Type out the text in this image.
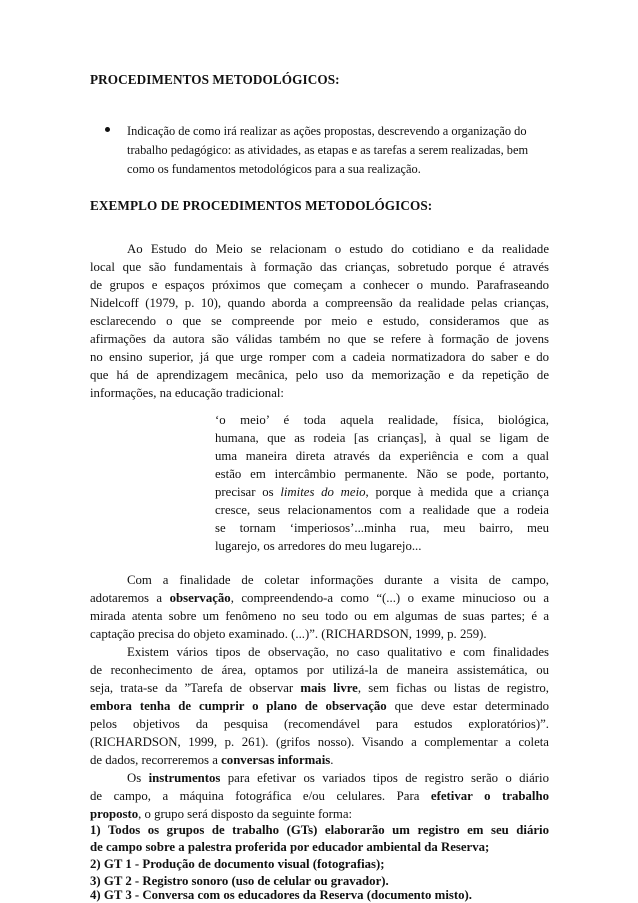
PROCEDIMENTOS METODOLÓGICOS:
Indicação de como irá realizar as ações propostas, descrevendo a organização do trabalho pedagógico: as atividades, as etapas e as tarefas a serem realizadas, bem como os fundamentos metodológicos para a sua realização.
EXEMPLO DE PROCEDIMENTOS METODOLÓGICOS:
Ao Estudo do Meio se relacionam o estudo do cotidiano e da realidade
local que são fundamentais à formação das crianças, sobretudo porque é através
de grupos e espaços próximos que começam a conhecer o mundo. Parafraseando
Nidelcoff (1979, p. 10), quando aborda a compreensão da realidade pelas crianças,
esclarecendo o que se compreende por meio e estudo, consideramos que as
afirmações da autora são válidas também no que se refere à formação de jovens
no ensino superior, já que urge romper com a cadeia normatizadora do saber e do
que há de aprendizagem mecânica, pelo uso da memorização e da repetição de
informações, na educação tradicional:
‘o meio’ é toda aquela realidade, física, biológica,
humana, que as rodeia [as crianças], à qual se ligam de
uma maneira direta através da experiência e com a qual
estão em intercâmbio permanente. Não se pode, portanto,
precisar os limites do meio, porque à medida que a criança
cresce, seus relacionamentos com a realidade que a rodeia
se tornam ‘imperiosos’...minha rua, meu bairro, meu
lugarejo, os arredores do meu lugarejo...
Com a finalidade de coletar informações durante a visita de campo,
adotaremos a observação, compreendendo-a como “(...) o exame minucioso ou a
mirada atenta sobre um fenômeno no seu todo ou em algumas de suas partes; é a
captação precisa do objeto examinado. (...)”. (RICHARDSON, 1999, p. 259).
Existem vários tipos de observação, no caso qualitativo e com finalidades
de reconhecimento de área, optamos por utilizá-la de maneira assistemática, ou
seja, trata-se da ”Tarefa de observar mais livre, sem fichas ou listas de registro,
embora tenha de cumprir o plano de observação que deve estar determinado
pelos objetivos da pesquisa (recomendável para estudos exploratórios)”.
(RICHARDSON, 1999, p. 261). (grifos nosso). Visando a complementar a coleta
de dados, recorreremos a conversas informais.
Os instrumentos para efetivar os variados tipos de registro serão o diário
de campo, a máquina fotográfica e/ou celulares. Para efetivar o trabalho
proposto, o grupo será disposto da seguinte forma:
1) Todos os grupos de trabalho (GTs) elaborarão um registro em seu diário
de campo sobre a palestra proferida por educador ambiental da Reserva;
2) GT 1 - Produção de documento visual (fotografias);
3) GT 2 - Registro sonoro (uso de celular ou gravador).
4) GT 3 - Conversa com os educadores da Reserva (documento misto).
